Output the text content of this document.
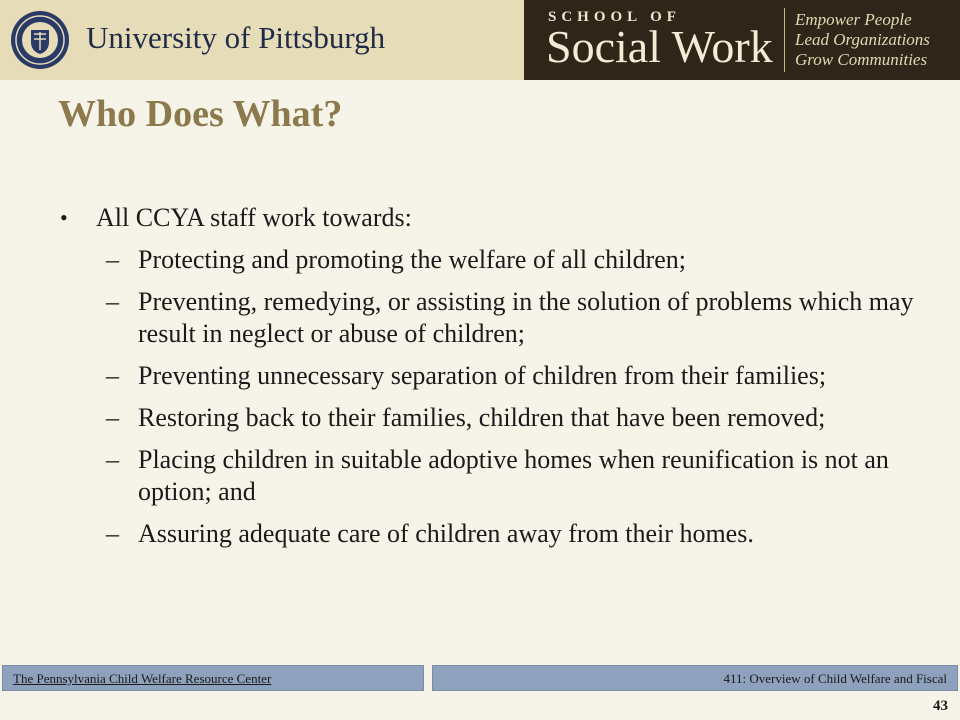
University of Pittsburgh
SCHOOL OF
Social Work
Empower People
Lead Organizations
Grow Communities
Who Does What?
• All CCYA staff work towards:
– Protecting and promoting the welfare of all children;
– Preventing, remedying, or assisting in the solution of problems which may result in neglect or abuse of children;
– Preventing unnecessary separation of children from their families;
– Restoring back to their families, children that have been removed;
– Placing children in suitable adoptive homes when reunification is not an option; and
– Assuring adequate care of children away from their homes.
The Pennsylvania Child Welfare Resource Center	411: Overview of Child Welfare and Fiscal
43
